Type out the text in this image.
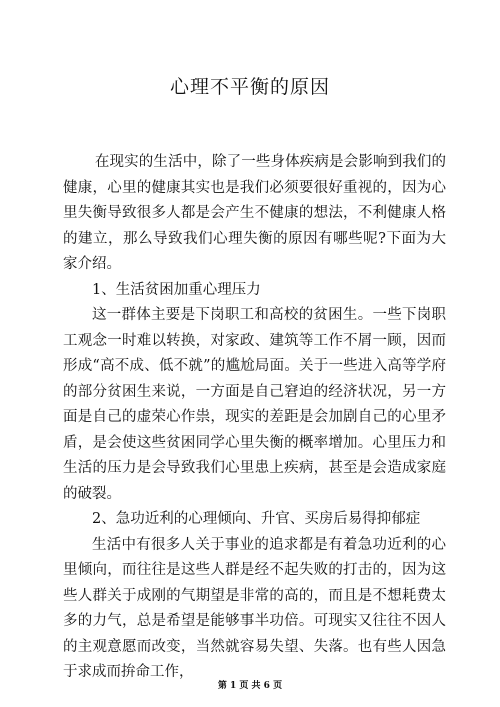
心理不平衡的原因

在现实的生活中，除了一些身体疾病是会影响到我们的健康，心里的健康其实也是我们必须要很好重视的，因为心里失衡导致很多人都是会产生不健康的想法，不利健康人格的建立，那么导致我们心理失衡的原因有哪些呢?下面为大家介绍。

1、生活贫困加重心理压力

这一群体主要是下岗职工和高校的贫困生。一些下岗职工观念一时难以转换，对家政、建筑等工作不屑一顾，因而形成“高不成、低不就”的尴尬局面。关于一些进入高等学府的部分贫困生来说，一方面是自己窘迫的经济状况，另一方面是自己的虚荣心作祟，现实的差距是会加剧自己的心里矛盾，是会使这些贫困同学心里失衡的概率增加。心里压力和生活的压力是会导致我们心里患上疾病，甚至是会造成家庭的破裂。

2、急功近利的心理倾向、升官、买房后易得抑郁症

生活中有很多人关于事业的追求都是有着急功近利的心里倾向，而往往是这些人群是经不起失败的打击的，因为这些人群关于成刚的气期望是非常的高的，而且是不想耗费太多的力气，总是希望是能够事半功倍。可现实又往往不因人的主观意愿而改变，当然就容易失望、失落。也有些人因急于求成而拚命工作，

第 1 页 共 6 页
